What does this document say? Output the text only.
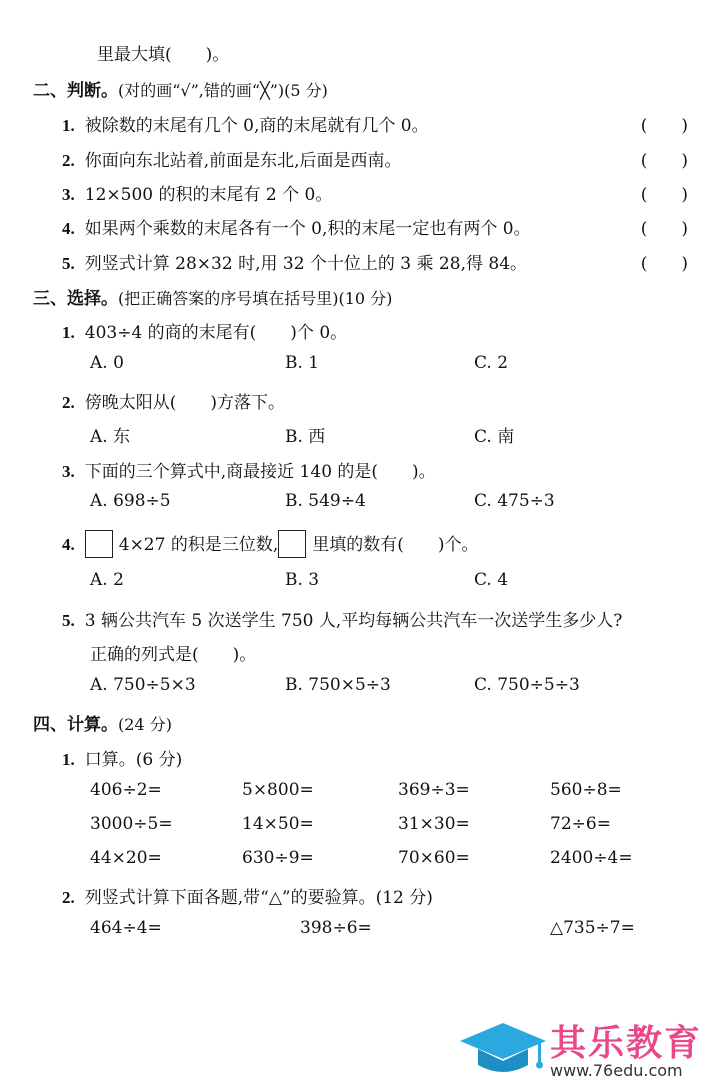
里最大填(　　)。
二、判断。(对的画“√”,错的画“╳”)(5 分)
1. 被除数的末尾有几个 0,商的末尾就有几个 0。	(　　)
2. 你面向东北站着,前面是东北,后面是西南。	(　　)
3. 12×500 的积的末尾有 2 个 0。	(　　)
4. 如果两个乘数的末尾各有一个 0,积的末尾一定也有两个 0。	(　　)
5. 列竖式计算 28×32 时,用 32 个十位上的 3 乘 28,得 84。	(　　)
三、选择。(把正确答案的序号填在括号里)(10 分)
1. 403÷4 的商的末尾有(　　)个 0。
A. 0	B. 1	C. 2
2. 傍晚太阳从(　　)方落下。
A. 东	B. 西	C. 南
3. 下面的三个算式中,商最接近 140 的是(　　)。
A. 698÷5	B. 549÷4	C. 475÷3
4.	4×27 的积是三位数, 里填的数有(　　)个。
A. 2	B. 3	C. 4
5. 3 辆公共汽车 5 次送学生 750 人,平均每辆公共汽车一次送学生多少人?
正确的列式是(　　)。
A. 750÷5×3	B. 750×5÷3	C. 750÷5÷3
四、计算。(24 分)
1. 口算。(6 分)
406÷2=	5×800=	369÷3=	560÷8=
3000÷5=	14×50=	31×30=	72÷6=
44×20=	630÷9=	70×60=	2400÷4=
2. 列竖式计算下面各题,带“△”的要验算。(12 分)
464÷4=	398÷6=	△735÷7=
其乐教育
www.76edu.com
